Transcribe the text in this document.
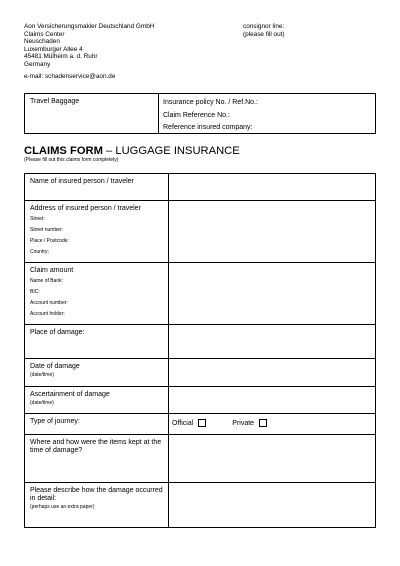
Aon Versicherungsmakler Deutschland GmbH
Claims Center
Neuschaden
Luxemburger Allee 4
45481 Mülheim a. d. Ruhr
Germany
e-mail: schadenservice@aon.de
consignor line:
(please fill out)
Travel Baggage	Insurance policy No. / Ref.No.:
Claim Reference No.:
Reference insured company:
CLAIMS FORM – LUGGAGE INSURANCE
(Please fill out this claims form completely)
Name of insured person / traveler	

Address of insured person / traveler
Street:
Street number:
Place / Postcode:
Country:	

Claim amount
Name of Bank:
BIC:
Account number:
Account holder:	

Place of damage:	

Date of damage
(date/time)	

Ascertainment of damage
(date/time)	

Type of journey:	Official Private

Where and how were the items kept at the time of damage?	

Please describe how the damage occurred in detail:
(perhaps use an extra paper)	
